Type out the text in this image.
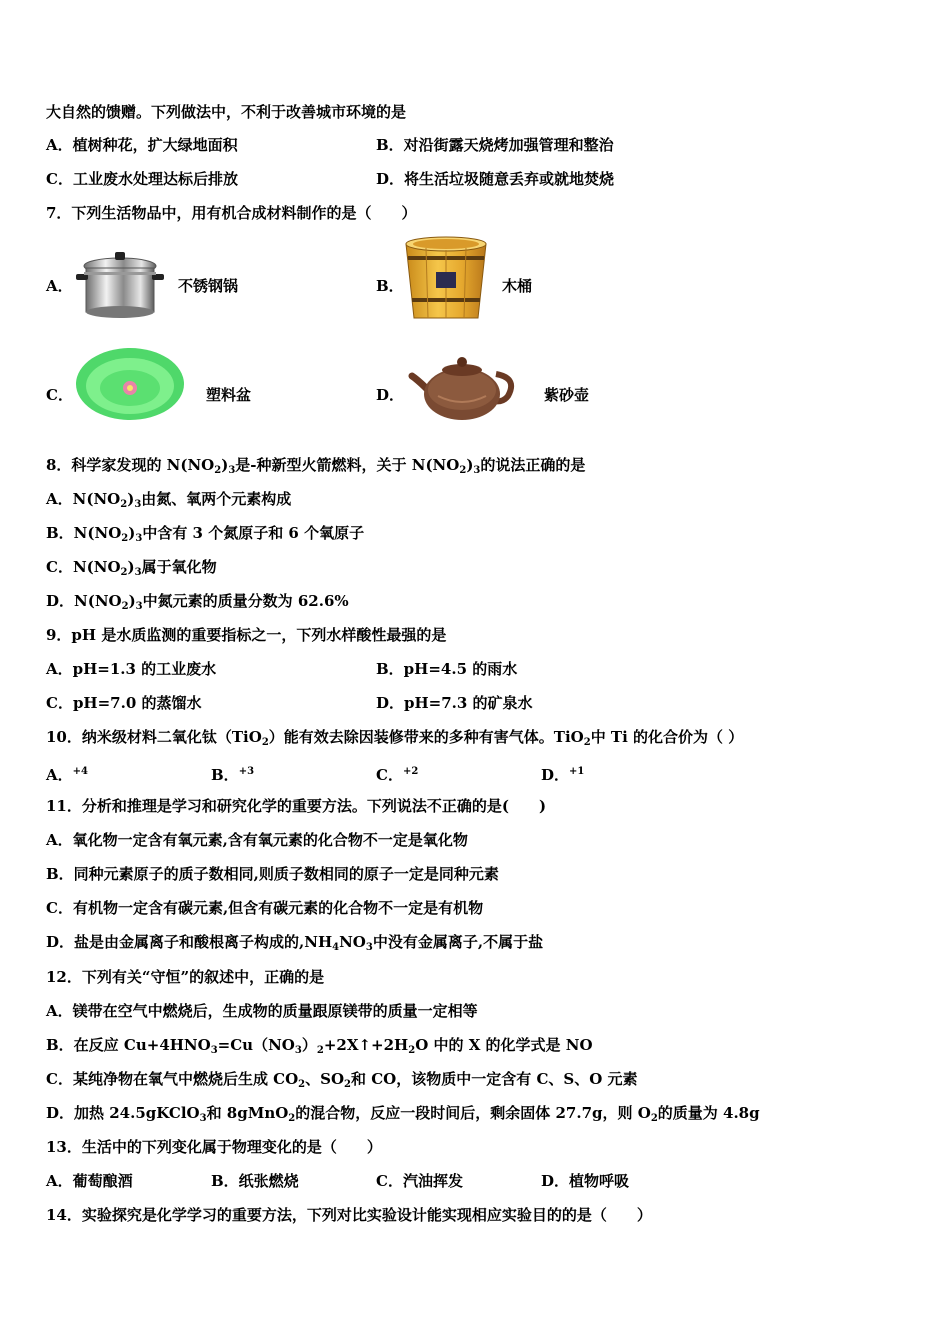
大自然的馈赠。下列做法中，不利于改善城市环境的是
A．植树种花，扩大绿地面积	B．对沿街露天烧烤加强管理和整治
C．工业废水处理达标后排放	D．将生活垃圾随意丢弃或就地焚烧
7．下列生活物品中，用有机合成材料制作的是（　　）
A．	不锈钢锅	B．	木桶
C．	塑料盆	D．	紫砂壶
8．科学家发现的 $N(NO_2)_3$是-种新型火箭燃料，关于 $N(NO_2)_3$的说法正确的是
A．$N(NO_2)_3$由氮、氧两个元素构成
B．$N(NO_2)_3$中含有 3 个氮原子和 6 个氧原子
C．$N(NO_2)_3$属于氧化物
D．$N(NO_2)_3$中氮元素的质量分数为 62.6%
9．pH 是水质监测的重要指标之一，下列水样酸性最强的是
A．pH=1.3 的工业废水	B．pH=4.5 的雨水
C．pH=7.0 的蒸馏水	D．pH=7.3 的矿泉水
10．纳米级材料二氧化钛（TiO$_2$）能有效去除因装修带来的多种有害气体。TiO$_2$中 Ti 的化合价为（ ）
A．$^{+4}$	B．$^{+3}$	C．$^{+2}$	D．$^{+1}$
11．分析和推理是学习和研究化学的重要方法。下列说法不正确的是(　　)
A．氧化物一定含有氧元素,含有氧元素的化合物不一定是氧化物
B．同种元素原子的质子数相同,则质子数相同的原子一定是同种元素
C．有机物一定含有碳元素,但含有碳元素的化合物不一定是有机物
D．盐是由金属离子和酸根离子构成的$,NH_4NO_3$中没有金属离子,不属于盐
12．下列有关“守恒”的叙述中，正确的是
A．镁带在空气中燃烧后，生成物的质量跟原镁带的质量一定相等
B．在反应 $Cu+4HNO_3=Cu(NO_3)_2+2X↑+2H_2O$ 中的 X 的化学式是 NO
C．某纯净物在氧气中燃烧后生成 $CO_2$、$SO_2$和 CO，该物质中一定含有 C、S、O 元素
D．加热 24.5gKClO$_3$和 8gMnO$_2$的混合物，反应一段时间后，剩余固体 27.7g，则 $O_2$的质量为 4.8g
13．生活中的下列变化属于物理变化的是（　　）
A．葡萄酿酒	B．纸张燃烧	C．汽油挥发	D．植物呼吸
14．实验探究是化学学习的重要方法，下列对比实验设计能实现相应实验目的的是（　　）
